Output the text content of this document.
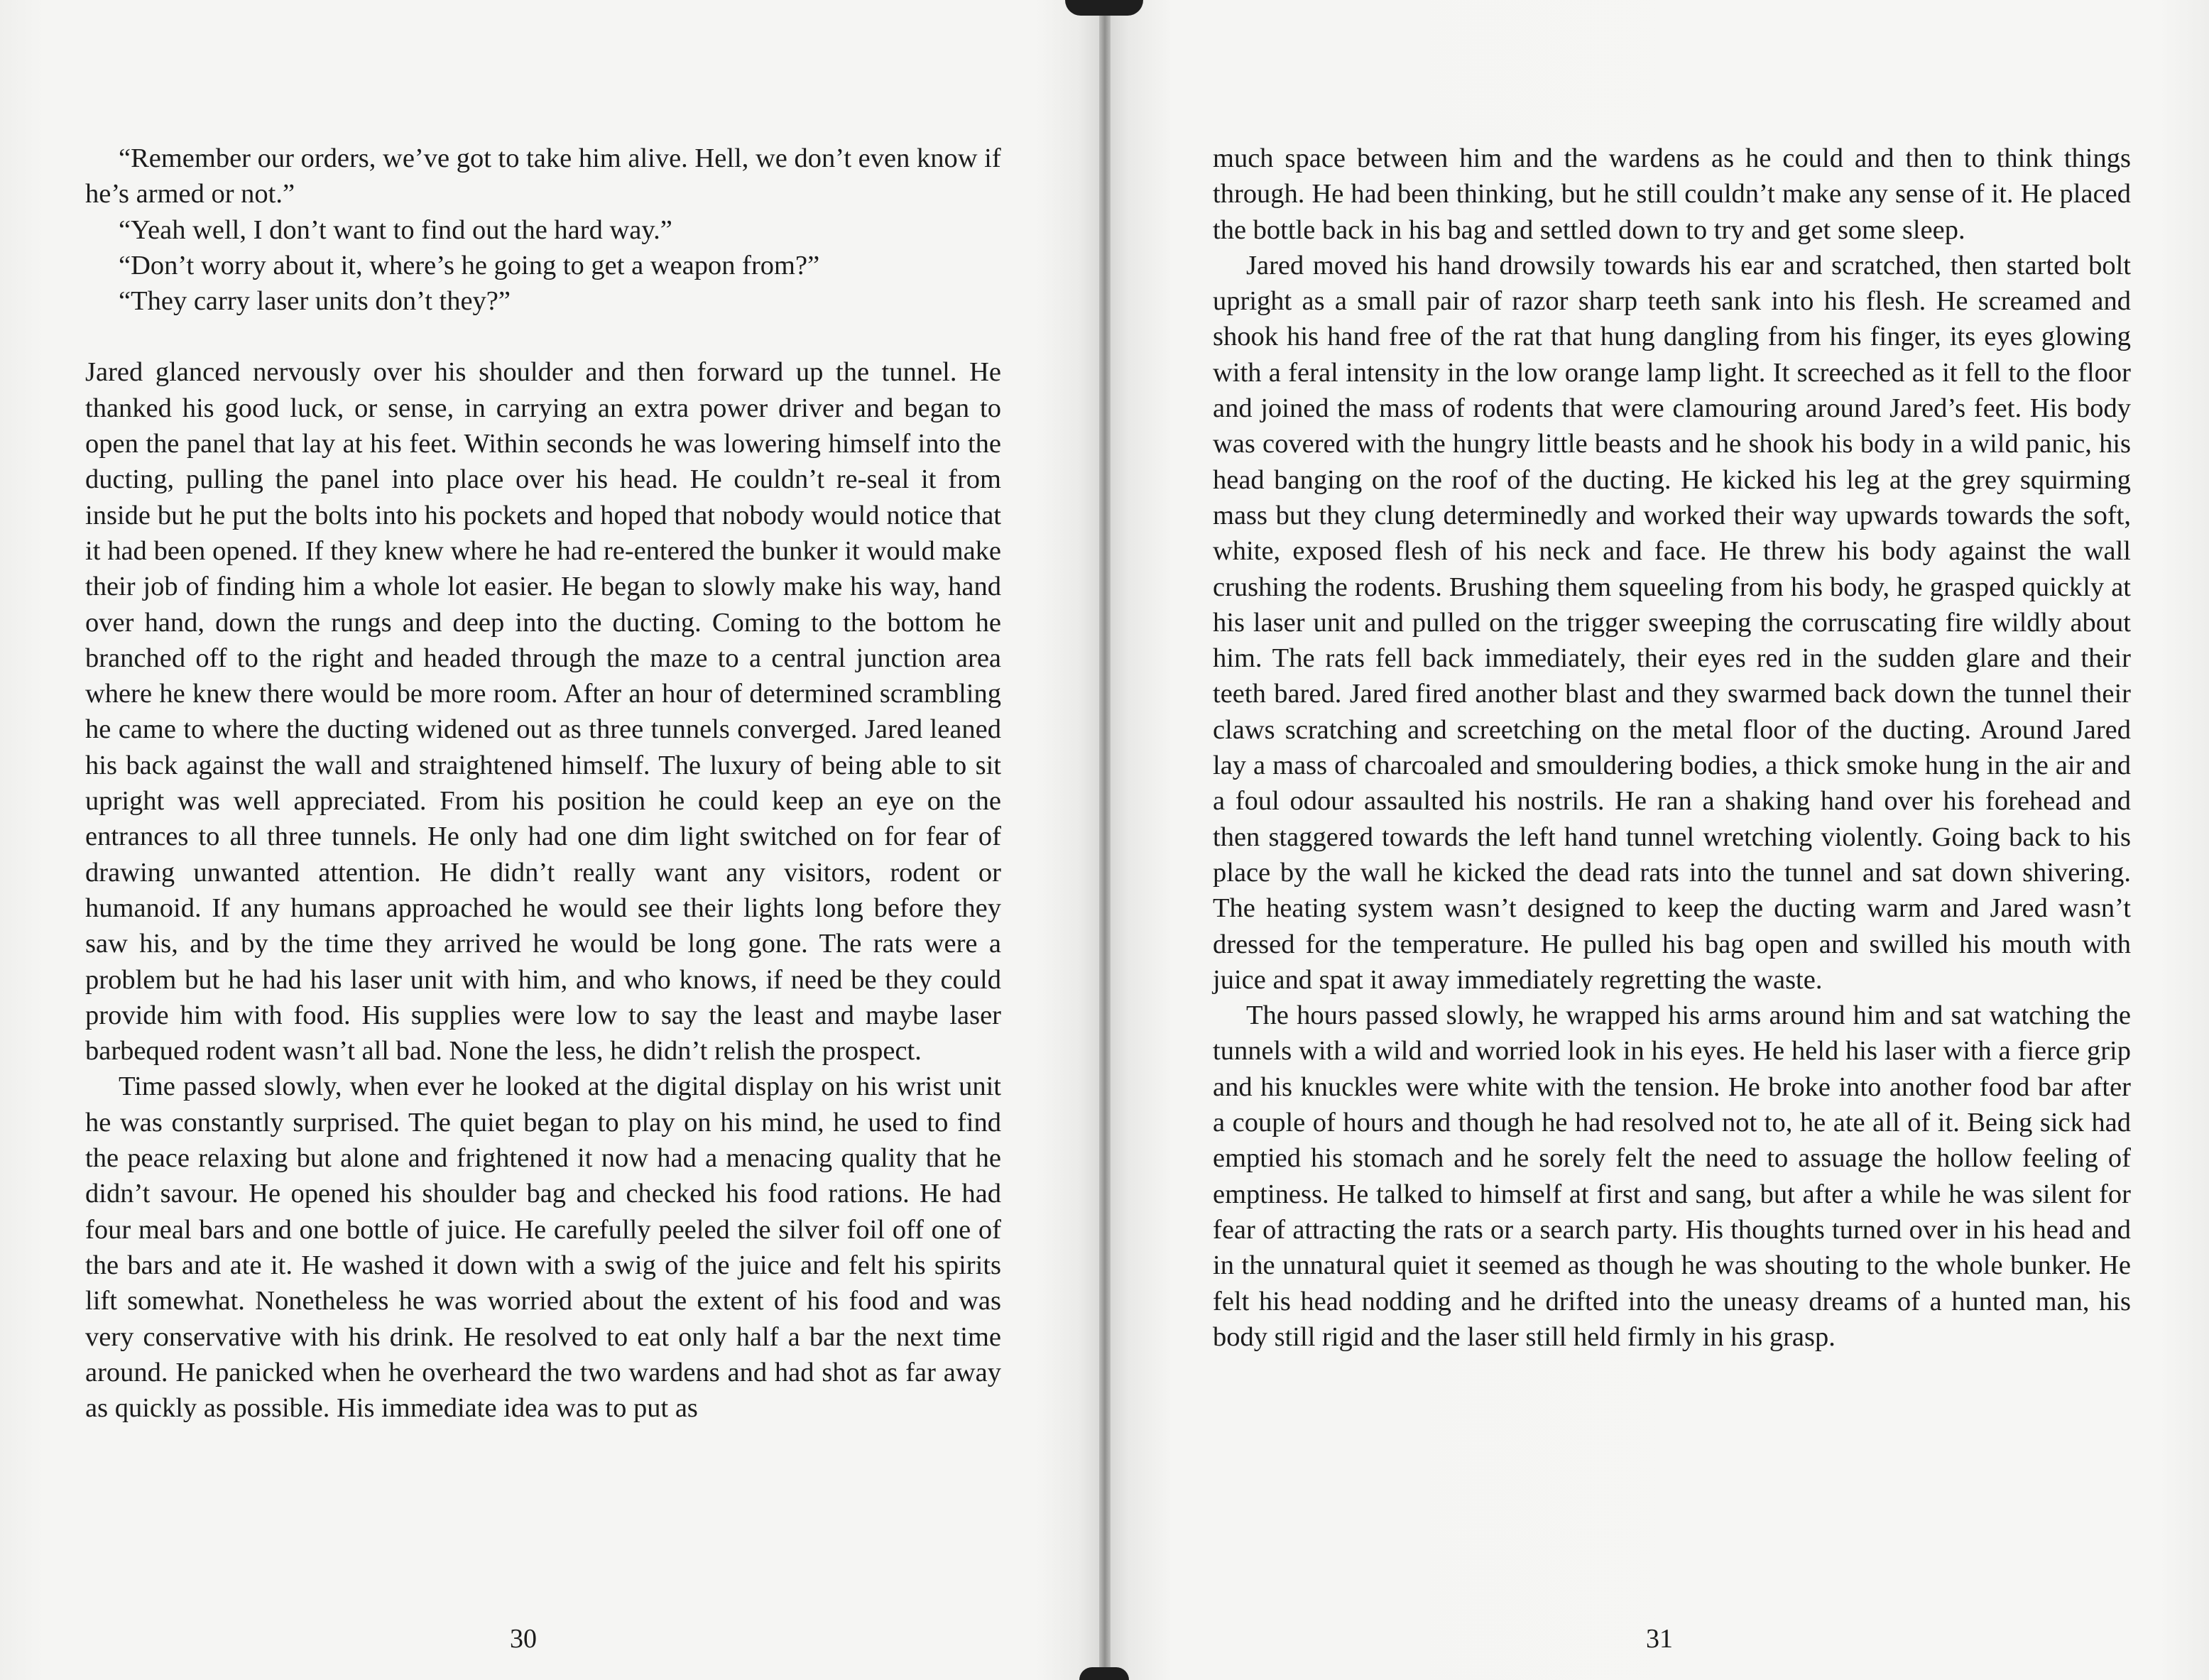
“Remember our orders, we’ve got to take him alive. Hell, we don’t even know if he’s armed or not.”

“Yeah well, I don’t want to find out the hard way.”

“Don’t worry about it, where’s he going to get a weapon from?”

“They carry laser units don’t they?”

Jared glanced nervously over his shoulder and then forward up the tunnel. He thanked his good luck, or sense, in carrying an extra power driver and began to open the panel that lay at his feet. Within seconds he was lowering himself into the ducting, pulling the panel into place over his head. He couldn’t re-seal it from inside but he put the bolts into his pockets and hoped that nobody would notice that it had been opened. If they knew where he had re-entered the bunker it would make their job of finding him a whole lot easier. He began to slowly make his way, hand over hand, down the rungs and deep into the ducting. Coming to the bottom he branched off to the right and headed through the maze to a central junction area where he knew there would be more room. After an hour of determined scrambling he came to where the ducting widened out as three tunnels converged. Jared leaned his back against the wall and straightened himself. The luxury of being able to sit upright was well appreciated. From his position he could keep an eye on the entrances to all three tunnels. He only had one dim light switched on for fear of drawing unwanted attention. He didn’t really want any visitors, rodent or humanoid. If any humans approached he would see their lights long before they saw his, and by the time they arrived he would be long gone. The rats were a problem but he had his laser unit with him, and who knows, if need be they could provide him with food. His supplies were low to say the least and maybe laser barbequed rodent wasn’t all bad. None the less, he didn’t relish the prospect.

Time passed slowly, when ever he looked at the digital display on his wrist unit he was constantly surprised. The quiet began to play on his mind, he used to find the peace relaxing but alone and frightened it now had a menacing quality that he didn’t savour. He opened his shoulder bag and checked his food rations. He had four meal bars and one bottle of juice. He carefully peeled the silver foil off one of the bars and ate it. He washed it down with a swig of the juice and felt his spirits lift somewhat. Nonetheless he was worried about the extent of his food and was very conservative with his drink. He resolved to eat only half a bar the next time around. He panicked when he overheard the two wardens and had shot as far away as quickly as possible. His immediate idea was to put as

30	31

much space between him and the wardens as he could and then to think things through. He had been thinking, but he still couldn’t make any sense of it. He placed the bottle back in his bag and settled down to try and get some sleep.

Jared moved his hand drowsily towards his ear and scratched, then started bolt upright as a small pair of razor sharp teeth sank into his flesh. He screamed and shook his hand free of the rat that hung dangling from his finger, its eyes glowing with a feral intensity in the low orange lamp light. It screeched as it fell to the floor and joined the mass of rodents that were clamouring around Jared’s feet. His body was covered with the hungry little beasts and he shook his body in a wild panic, his head banging on the roof of the ducting. He kicked his leg at the grey squirming mass but they clung determinedly and worked their way upwards towards the soft, white, exposed flesh of his neck and face. He threw his body against the wall crushing the rodents. Brushing them squeeling from his body, he grasped quickly at his laser unit and pulled on the trigger sweeping the corruscating fire wildly about him. The rats fell back immediately, their eyes red in the sudden glare and their teeth bared. Jared fired another blast and they swarmed back down the tunnel their claws scratching and screetching on the metal floor of the ducting. Around Jared lay a mass of charcoaled and smouldering bodies, a thick smoke hung in the air and a foul odour assaulted his nostrils. He ran a shaking hand over his forehead and then staggered towards the left hand tunnel wretching violently. Going back to his place by the wall he kicked the dead rats into the tunnel and sat down shivering. The heating system wasn’t designed to keep the ducting warm and Jared wasn’t dressed for the temperature. He pulled his bag open and swilled his mouth with juice and spat it away immediately regretting the waste.

The hours passed slowly, he wrapped his arms around him and sat watching the tunnels with a wild and worried look in his eyes. He held his laser with a fierce grip and his knuckles were white with the tension. He broke into another food bar after a couple of hours and though he had resolved not to, he ate all of it. Being sick had emptied his stomach and he sorely felt the need to assuage the hollow feeling of emptiness. He talked to himself at first and sang, but after a while he was silent for fear of attracting the rats or a search party. His thoughts turned over in his head and in the unnatural quiet it seemed as though he was shouting to the whole bunker. He felt his head nodding and he drifted into the uneasy dreams of a hunted man, his body still rigid and the laser still held firmly in his grasp.
